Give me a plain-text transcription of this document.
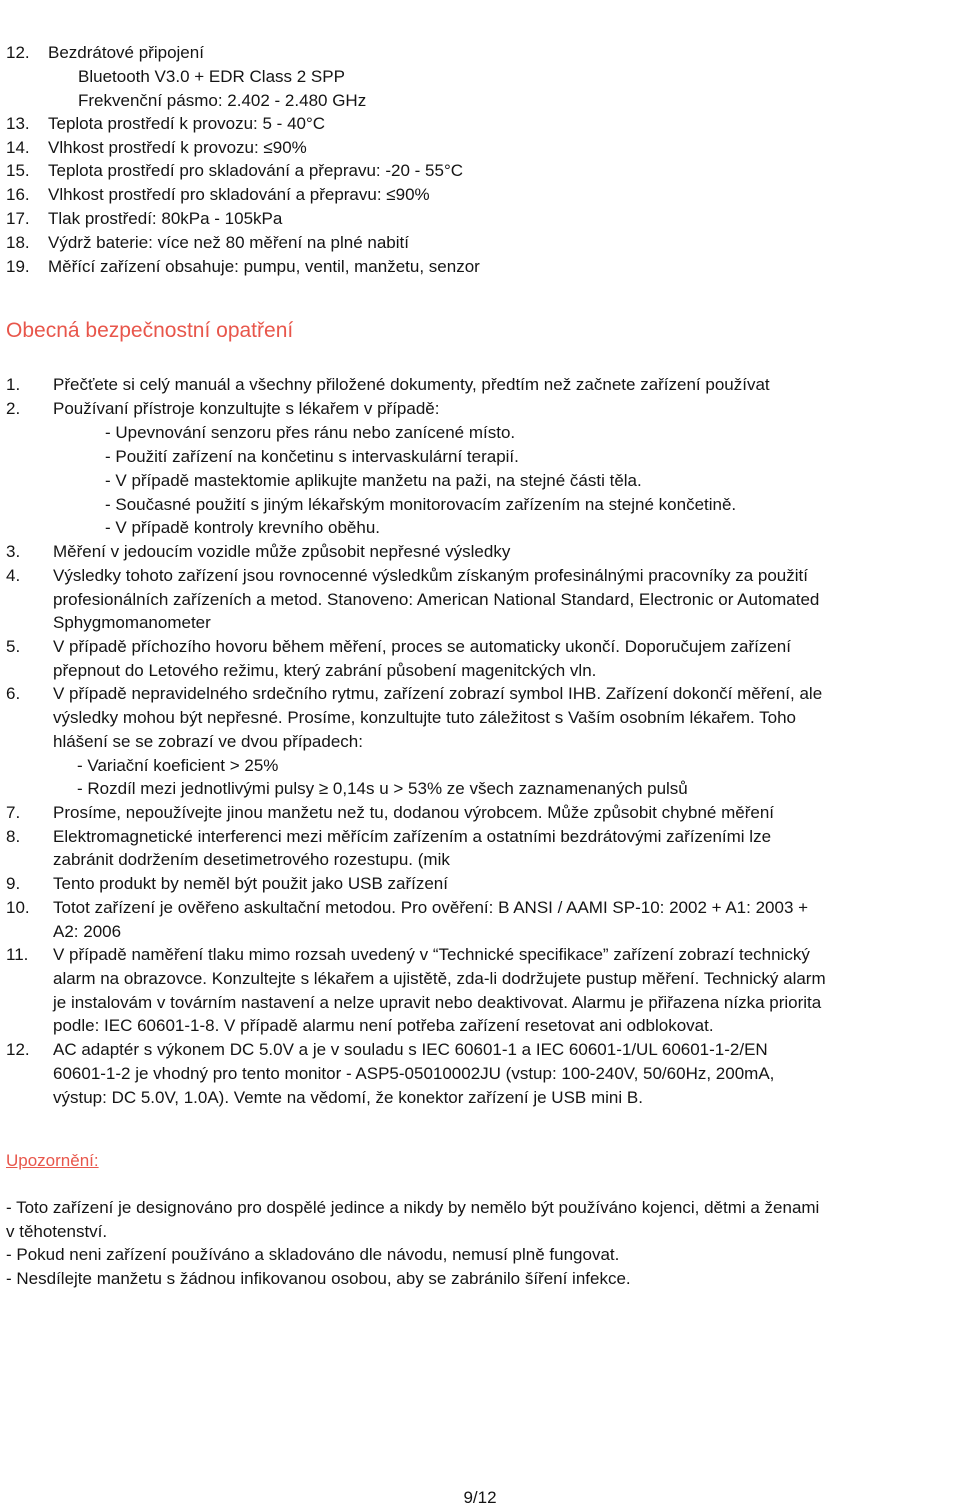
iHealth BP5 Bluetooth měřič krevního tlaku - uživatelská příručka	easyapple.cz
12. Bezdrátové připojení
Bluetooth V3.0 + EDR Class 2 SPP
Frekvenční pásmo: 2.402 - 2.480 GHz
13. Teplota prostředí k provozu: 5 - 40°C
14. Vlhkost prostředí k provozu: ≤90%
15. Teplota prostředí pro skladování a přepravu: -20 - 55°C
16. Vlhkost prostředí pro skladování a přepravu: ≤90%
17. Tlak prostředí: 80kPa - 105kPa
18. Výdrž baterie: více než 80 měření na plné nabití
19. Měřící zařízení obsahuje: pumpu, ventil, manžetu, senzor
Obecná bezpečnostní opatření
1. Přečťete si celý manuál a všechny přiložené dokumenty, předtím než začnete zařízení používat
2. Používaní přístroje konzultujte s lékařem v případě:
- Upevnování senzoru přes ránu nebo zanícené místo.
- Použití zařízení na končetinu s intervaskulární terapií.
- V případě mastektomie aplikujte manžetu na paži, na stejné části těla.
- Současné použití s jiným lékařským monitorovacím zařízením na stejné končetině.
- V případě kontroly krevního oběhu.
3. Měření v jedoucím vozidle může způsobit nepřesné výsledky
4. Výsledky tohoto zařízení jsou rovnocenné výsledkům získaným profesinálnými pracovníky za použití
profesionálních zařízeních a metod. Stanoveno: American National Standard, Electronic or Automated
Sphygmomanometer
5. V případě příchozího hovoru během měření, proces se automaticky ukončí. Doporučujem zařízení
přepnout do Letového režimu, který zabrání působení magenitckých vln.
6. V případě nepravidelného srdečního rytmu, zařízení zobrazí symbol IHB. Zařízení dokončí měření, ale
výsledky mohou být nepřesné. Prosíme, konzultujte tuto záležitost s Vaším osobním lékařem. Toho
hlášení se se zobrazí ve dvou případech:
- Variační koeficient > 25%
- Rozdíl mezi jednotlivými pulsy ≥ 0,14s u > 53% ze všech zaznamenaných pulsů
7. Prosíme, nepoužívejte jinou manžetu než tu, dodanou výrobcem. Může způsobit chybné měření
8. Elektromagnetické interferenci mezi měřícím zařízením a ostatními bezdrátovými zařízeními lze
zabránit dodržením desetimetrového rozestupu. (mik
9. Tento produkt by neměl být použit jako USB zařízení
10. Totot zařízení je ověřeno askultační metodou. Pro ověření: B ANSI / AAMI SP-10: 2002 + A1: 2003 +
A2: 2006
11. V případě naměření tlaku mimo rozsah uvedený v “Technické specifikace” zařízení zobrazí technický
alarm na obrazovce. Konzultejte s lékařem a ujistětě, zda-li dodržujete pustup měření. Technický alarm
je instalovám v továrním nastavení a nelze upravit nebo deaktivovat. Alarmu je přiřazena nízka priorita
podle: IEC 60601-1-8. V případě alarmu není potřeba zařízení resetovat ani odblokovat.
12. AC adaptér s výkonem DC 5.0V a je v souladu s IEC 60601-1 a IEC 60601-1/UL 60601-1-2/EN
60601-1-2 je vhodný pro tento monitor - ASP5-05010002JU (vstup: 100-240V, 50/60Hz, 200mA,
výstup: DC 5.0V, 1.0A). Vemte na vědomí, že konektor zařízení je USB mini B.
Upozornění:
- Toto zařízení je designováno pro dospělé jedince a nikdy by nemělo být používáno kojenci, dětmi a ženami
v těhotenství.
- Pokud neni zařízení používáno a skladováno dle návodu, nemusí plně fungovat.
- Nesdílejte manžetu s žádnou infikovanou osobou, aby se zabránilo šíření infekce.
9/12
